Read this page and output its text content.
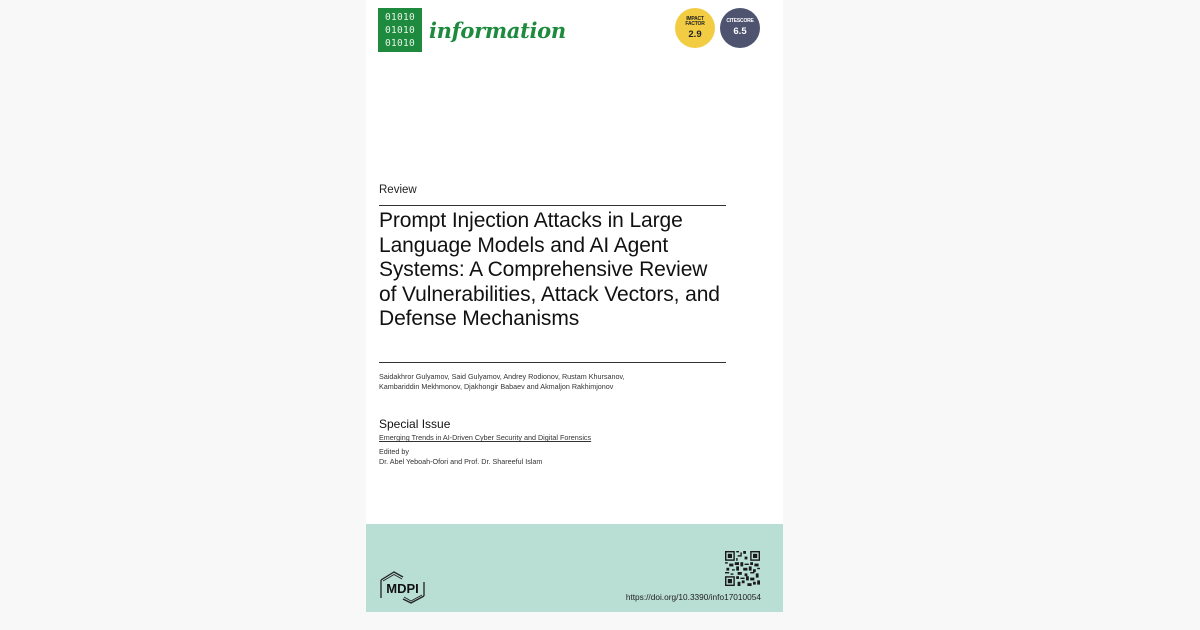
01010
01010
01010
information	IMPACT
FACTOR
2.9
CITESCORE
6.5
Review
Prompt Injection Attacks in Large Language Models and AI Agent Systems: A Comprehensive Review of Vulnerabilities, Attack Vectors, and Defense Mechanisms
Saidakhror Gulyamov, Said Gulyamov, Andrey Rodionov, Rustam Khursanov,
Kambariddin Mekhmonov, Djakhongir Babaev and Akmaljon Rakhimjonov
Special Issue
Emerging Trends in AI-Driven Cyber Security and Digital Forensics
Edited by
Dr. Abel Yeboah-Ofori and Prof. Dr. Shareeful Islam
MDPI
https://doi.org/10.3390/info17010054
